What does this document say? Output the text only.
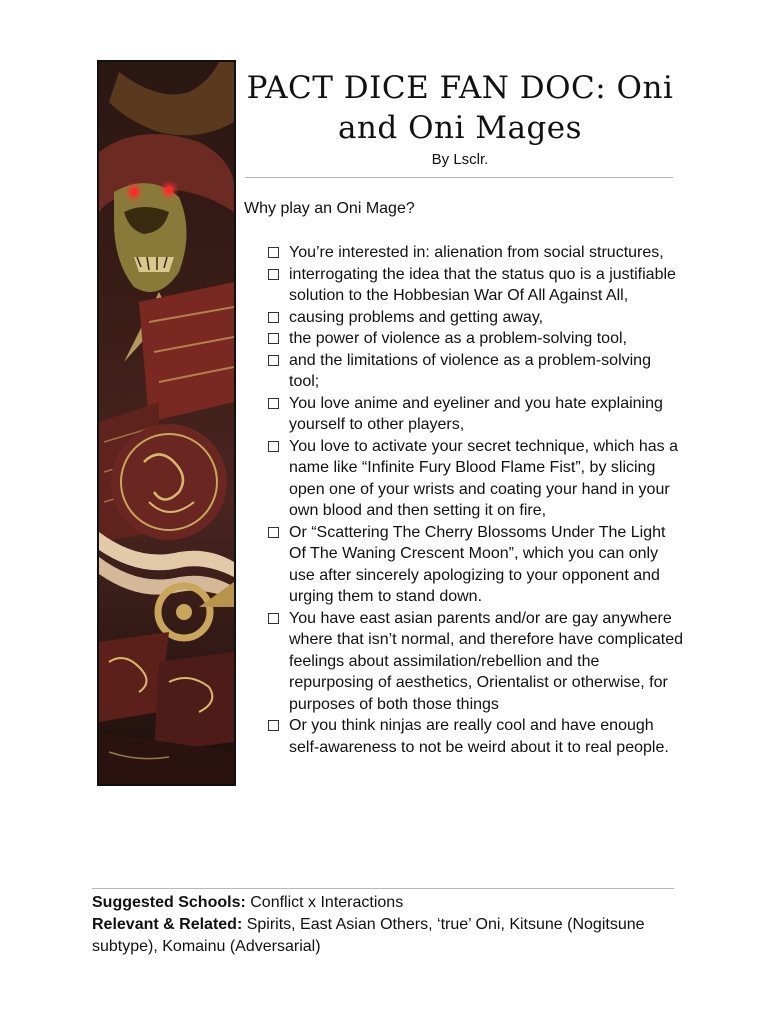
PACT DICE FAN DOC: Oni and Oni Mages
By Lsclr.
Why play an Oni Mage?
You’re interested in: alienation from social structures,
interrogating the idea that the status quo is a justifiable solution to the Hobbesian War Of All Against All,
causing problems and getting away,
the power of violence as a problem-solving tool,
and the limitations of violence as a problem-solving tool;
You love anime and eyeliner and you hate explaining yourself to other players,
You love to activate your secret technique, which has a name like “Infinite Fury Blood Flame Fist”, by slicing open one of your wrists and coating your hand in your own blood and then setting it on fire,
Or “Scattering The Cherry Blossoms Under The Light Of The Waning Crescent Moon”, which you can only use after sincerely apologizing to your opponent and urging them to stand down.
You have east asian parents and/or are gay anywhere where that isn’t normal, and therefore have complicated feelings about assimilation/rebellion and the repurposing of aesthetics, Orientalist or otherwise, for purposes of both those things
Or you think ninjas are really cool and have enough self-awareness to not be weird about it to real people.
Suggested Schools: Conflict x Interactions
Relevant & Related: Spirits, East Asian Others, ‘true’ Oni, Kitsune (Nogitsune subtype), Komainu (Adversarial)
